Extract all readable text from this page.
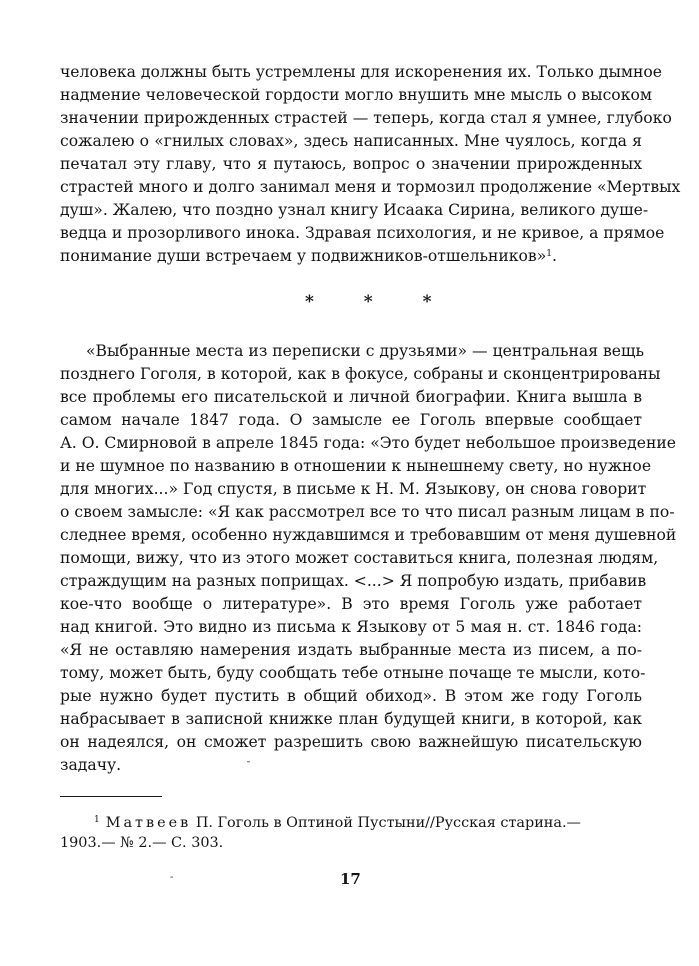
человека должны быть устремлены для искоренения их. Только дымное

надмение человеческой гордости могло внушить мне мысль о высоком

значении прирожденных страстей — теперь, когда стал я умнее, глубоко

сожалею о «гнилых словах», здесь написанных. Мне чуялось, когда я

печатал эту главу, что я путаюсь, вопрос о значении прирожденных

страстей много и долго занимал меня и тормозил продолжение «Мертвых

душ». Жалею, что поздно узнал книгу Исаака Сирина, великого душе-

ведца и прозорливого инока. Здравая психология, и не кривое, а прямое

понимание души встречаем у подвижников-отшельников»$^1$.

* * *

«Выбранные места из переписки с друзьями» — центральная вещь

позднего Гоголя, в которой, как в фокусе, собраны и сконцентрированы

все проблемы его писательской и личной биографии. Книга вышла в

самом начале 1847 года. О замысле ее Гоголь впервые сообщает

А. О. Смирновой в апреле 1845 года: «Это будет небольшое произведение

и не шумное по названию в отношении к нынешнему свету, но нужное

для многих...» Год спустя, в письме к Н. М. Языкову, он снова говорит

о своем замысле: «Я как рассмотрел все то что писал разным лицам в по-

следнее время, особенно нуждавшимся и требовавшим от меня душевной

помощи, вижу, что из этого может составиться книга, полезная людям,

страждущим на разных поприщах. <...> Я попробую издать, прибавив

кое-что вообще о литературе». В это время Гоголь уже работает

над книгой. Это видно из письма к Языкову от 5 мая н. ст. 1846 года:

«Я не оставляю намерения издать выбранные места из писем, а по-

тому, может быть, буду сообщать тебе отныне почаще те мысли, кото-

рые нужно будет пустить в общий обиход». В этом же году Гоголь

набрасывает в записной книжке план будущей книги, в которой, как

он надеялся, он сможет разрешить свою важнейшую писательскую

задачу.	ˉ
-

$^1$ Матвеев П. Гоголь в Оптиной Пустыни//Русская старина.—

1903.— № 2.— С. 303.

17
